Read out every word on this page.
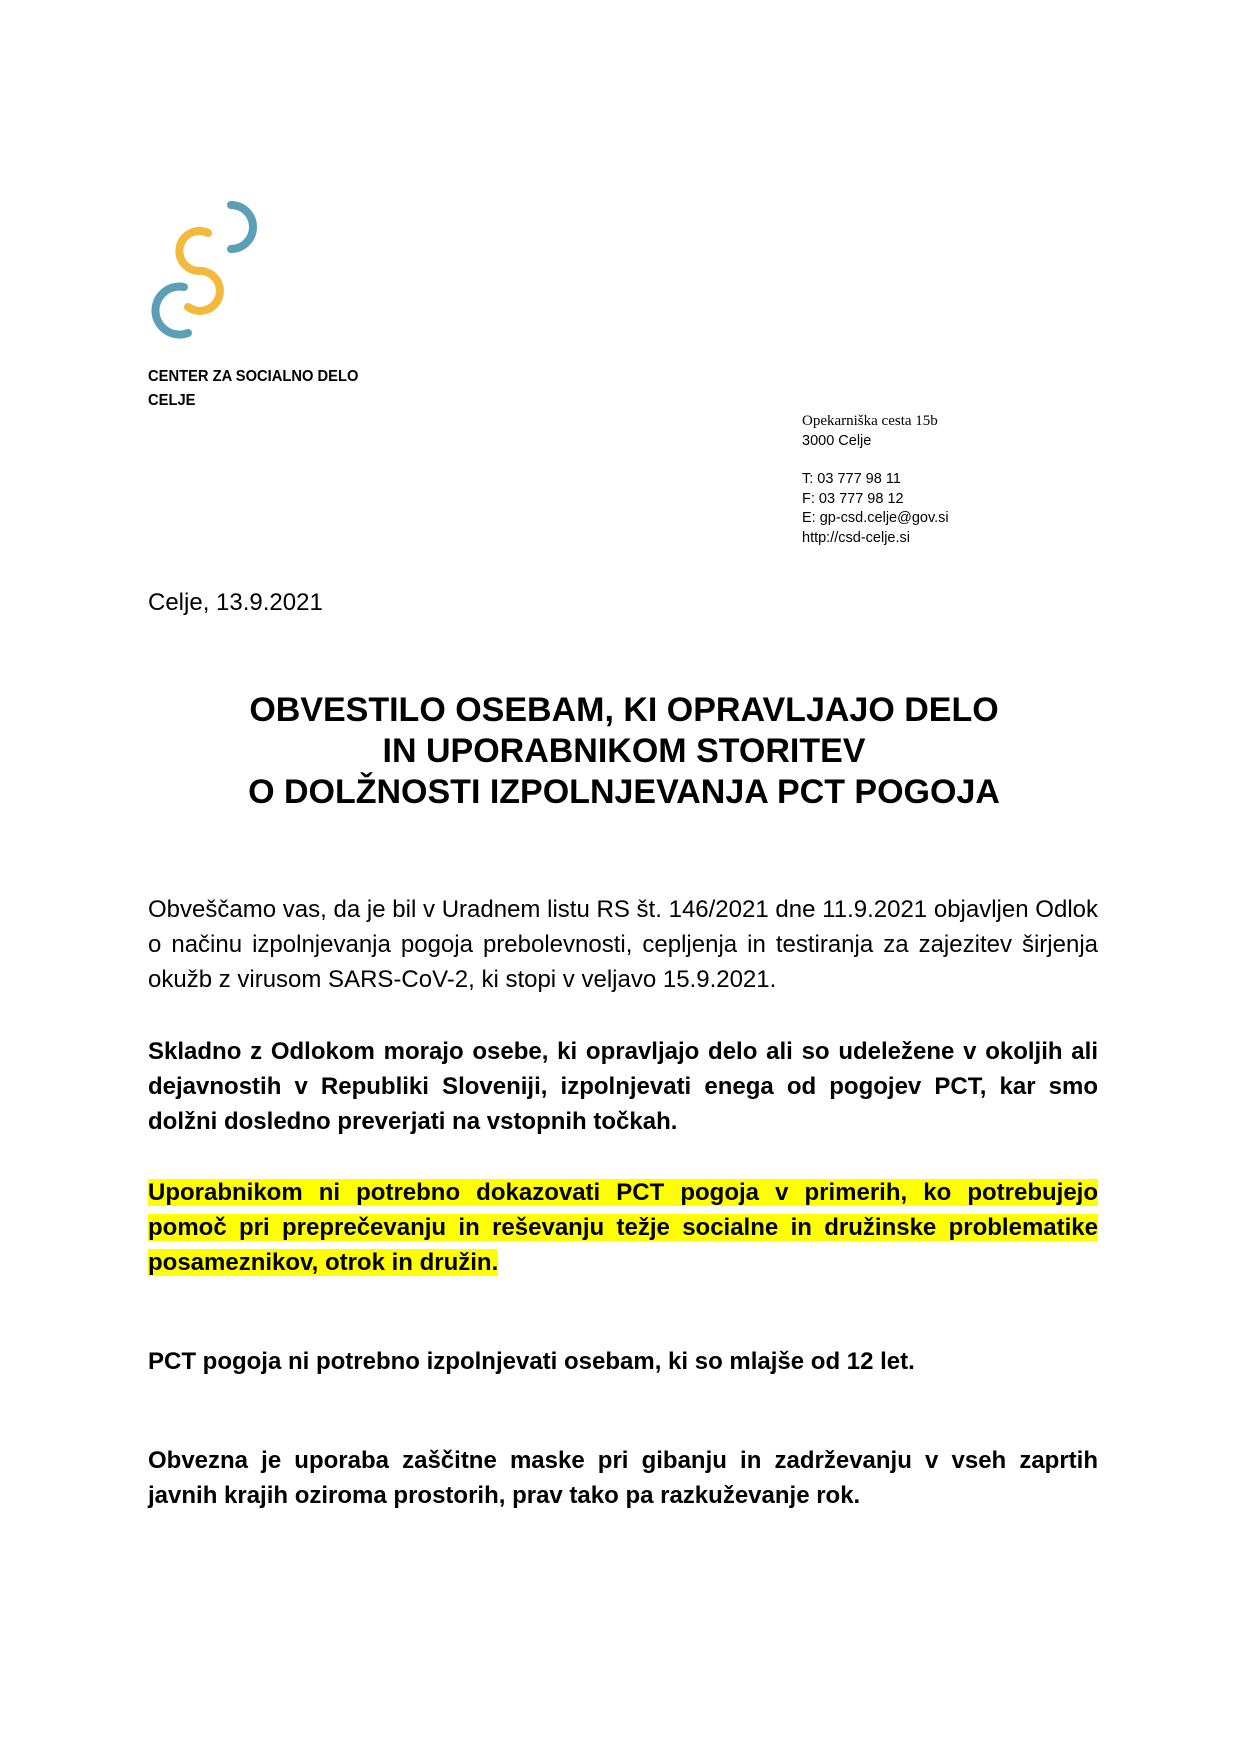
CENTER ZA SOCIALNO DELO
CELJE
Opekarniška cesta 15b
3000 Celje
T: 03 777 98 11
F: 03 777 98 12
E: gp-csd.celje@gov.si
http://csd-celje.si
Celje, 13.9.2021
OBVESTILO OSEBAM, KI OPRAVLJAJO DELO
IN UPORABNIKOM STORITEV
O DOLŽNOSTI IZPOLNJEVANJA PCT POGOJA
Obveščamo vas, da je bil v Uradnem listu RS št. 146/2021 dne 11.9.2021 objavljen Odlok o načinu izpolnjevanja pogoja prebolevnosti, cepljenja in testiranja za zajezitev širjenja okužb z virusom SARS-CoV-2, ki stopi v veljavo 15.9.2021.
Skladno z Odlokom morajo osebe, ki opravljajo delo ali so udeležene v okoljih ali dejavnostih v Republiki Sloveniji, izpolnjevati enega od pogojev PCT, kar smo dolžni dosledno preverjati na vstopnih točkah.
Uporabnikom ni potrebno dokazovati PCT pogoja v primerih, ko potrebujejo pomoč pri preprečevanju in reševanju težje socialne in družinske problematike posameznikov, otrok in družin.
PCT pogoja ni potrebno izpolnjevati osebam, ki so mlajše od 12 let.
Obvezna je uporaba zaščitne maske pri gibanju in zadrževanju v vseh zaprtih javnih krajih oziroma prostorih, prav tako pa razkuževanje rok.
